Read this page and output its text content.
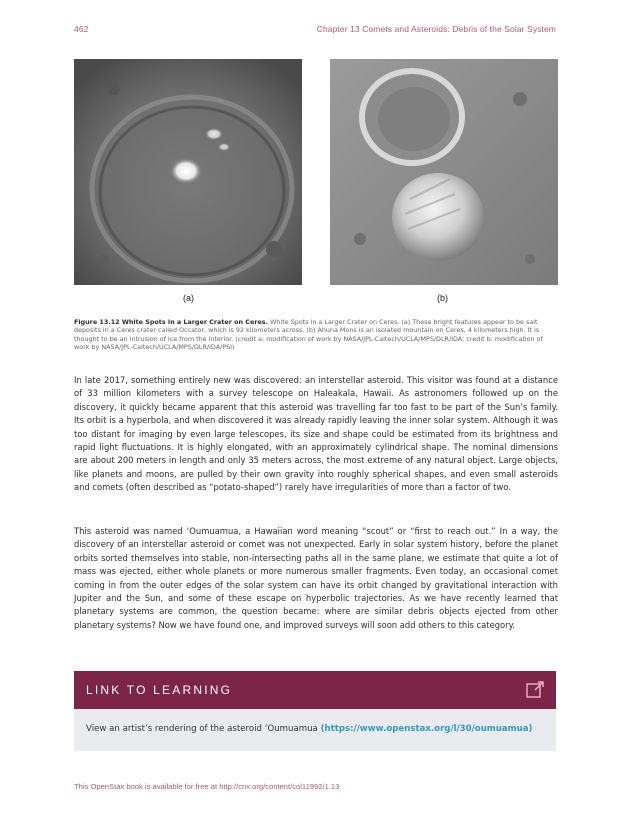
462	Chapter 13 Comets and Asteroids: Debris of the Solar System
(a)	(b)
Figure 13.12 White Spots in a Larger Crater on Ceres. White Spots in a Larger Crater on Ceres. (a) These bright features appear to be salt deposits in a Ceres crater called Occator, which is 92 kilometers across. (b) Ahuna Mons is an isolated mountain on Ceres, 4 kilometers high. It is thought to be an intrusion of ice from the interior. (credit a: modification of work by NASA/JPL-Caltech/UCLA/MPS/DLR/IDA; credit b: modification of work by NASA/JPL-Caltech/UCLA/MPS/DLR/IDA/PSI)

In late 2017, something entirely new was discovered: an interstellar asteroid. This visitor was found at a distance of 33 million kilometers with a survey telescope on Haleakala, Hawaii. As astronomers followed up on the discovery, it quickly became apparent that this asteroid was travelling far too fast to be part of the Sun’s family. Its orbit is a hyperbola, and when discovered it was already rapidly leaving the inner solar system. Although it was too distant for imaging by even large telescopes, its size and shape could be estimated from its brightness and rapid light fluctuations. It is highly elongated, with an approximately cylindrical shape. The nominal dimensions are about 200 meters in length and only 35 meters across, the most extreme of any natural object. Large objects, like planets and moons, are pulled by their own gravity into roughly spherical shapes, and even small asteroids and comets (often described as “potato-shaped”) rarely have irregularities of more than a factor of two.

This asteroid was named ‘Oumuamua, a Hawaiian word meaning “scout” or “first to reach out.” In a way, the discovery of an interstellar asteroid or comet was not unexpected. Early in solar system history, before the planet orbits sorted themselves into stable, non-intersecting paths all in the same plane, we estimate that quite a lot of mass was ejected, either whole planets or more numerous smaller fragments. Even today, an occasional comet coming in from the outer edges of the solar system can have its orbit changed by gravitational interaction with Jupiter and the Sun, and some of these escape on hyperbolic trajectories. As we have recently learned that planetary systems are common, the question became: where are similar debris objects ejected from other planetary systems? Now we have found one, and improved surveys will soon add others to this category.

LINK TO LEARNING
View an artist’s rendering of the asteroid ‘Oumuamua (https://www.openstax.org/l/30/oumuamua)
This OpenStax book is available for free at http://cnx.org/content/col11992/1.13
